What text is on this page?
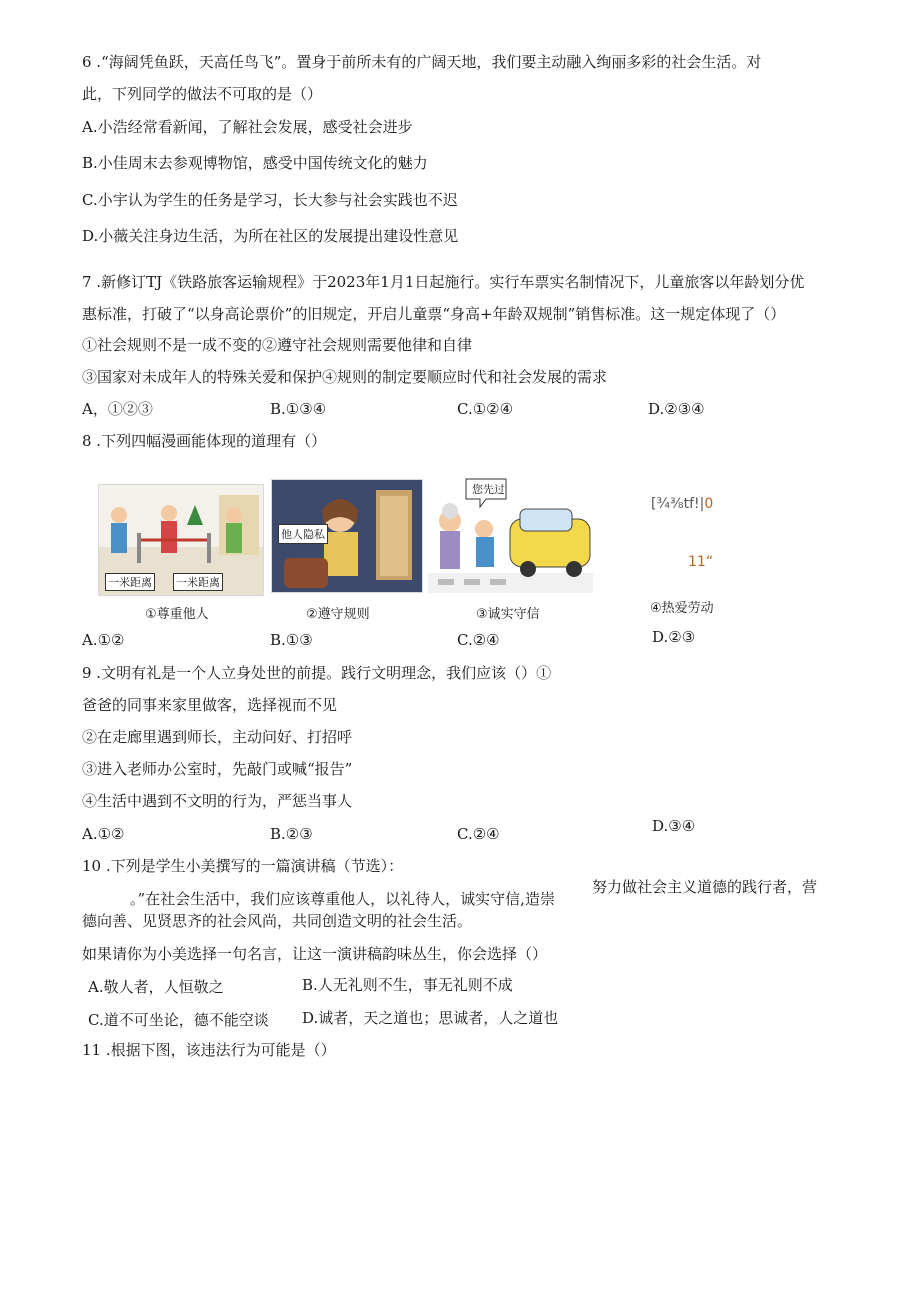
6 .“海阔凭鱼跃，天高任鸟飞”。置身于前所未有的广阔天地，我们要主动融入绚丽多彩的社会生活。对
此，下列同学的做法不可取的是（）
A.小浩经常看新闻，了解社会发展，感受社会进步
B.小佳周末去参观博物馆，感受中国传统文化的魅力
C.小宇认为学生的任务是学习，长大参与社会实践也不迟
D.小薇关注身边生活，为所在社区的发展提出建设性意见
7 .新修订TJ《铁路旅客运输规程》于2023年1月1日起施行。实行车票实名制情况下，儿童旅客以年龄划分优
惠标准，打破了“以身高论票价”的旧规定，开启儿童票“身高+年龄双规制”销售标准。这一规定体现了（）
①社会规则不是一成不变的②遵守社会规则需要他律和自律
③国家对未成年人的特殊关爱和保护④规则的制定要顺应时代和社会发展的需求
A，①②③	B.①③④	C.①②④	D.②③④
8 .下列四幅漫画能体现的道理有（）
一米距离 一米距离
①尊重他人
他人隐私
②遵守规则
您先过
③诚实守信
[¾⅜tf!|0
11“
④热爱劳动
A.①②	B.①③	C.②④	D.②③
9 .文明有礼是一个人立身处世的前提。践行文明理念，我们应该（）①
爸爸的同事来家里做客，选择视而不见
②在走廊里遇到师长，主动问好、打招呼
③进入老师办公室时，先敲门或喊“报告”
④生活中遇到不文明的行为，严惩当事人
A.①②	B.②③	C.②④	D.③④
10 .下列是学生小美撰写的一篇演讲稿（节选）：
努力做社会主义道德的践行者，营
。”在社会生活中，我们应该尊重他人，以礼待人，诚实守信,造崇
德向善、见贤思齐的社会风尚，共同创造文明的社会生活。
如果请你为小美选择一句名言，让这一演讲稿韵味丛生，你会选择（）
A.敬人者，人恒敬之	B.人无礼则不生，事无礼则不成
C.道不可坐论，德不能空谈 D.诚者，天之道也；思诚者，人之道也
11 .根据下图，该违法行为可能是（）
